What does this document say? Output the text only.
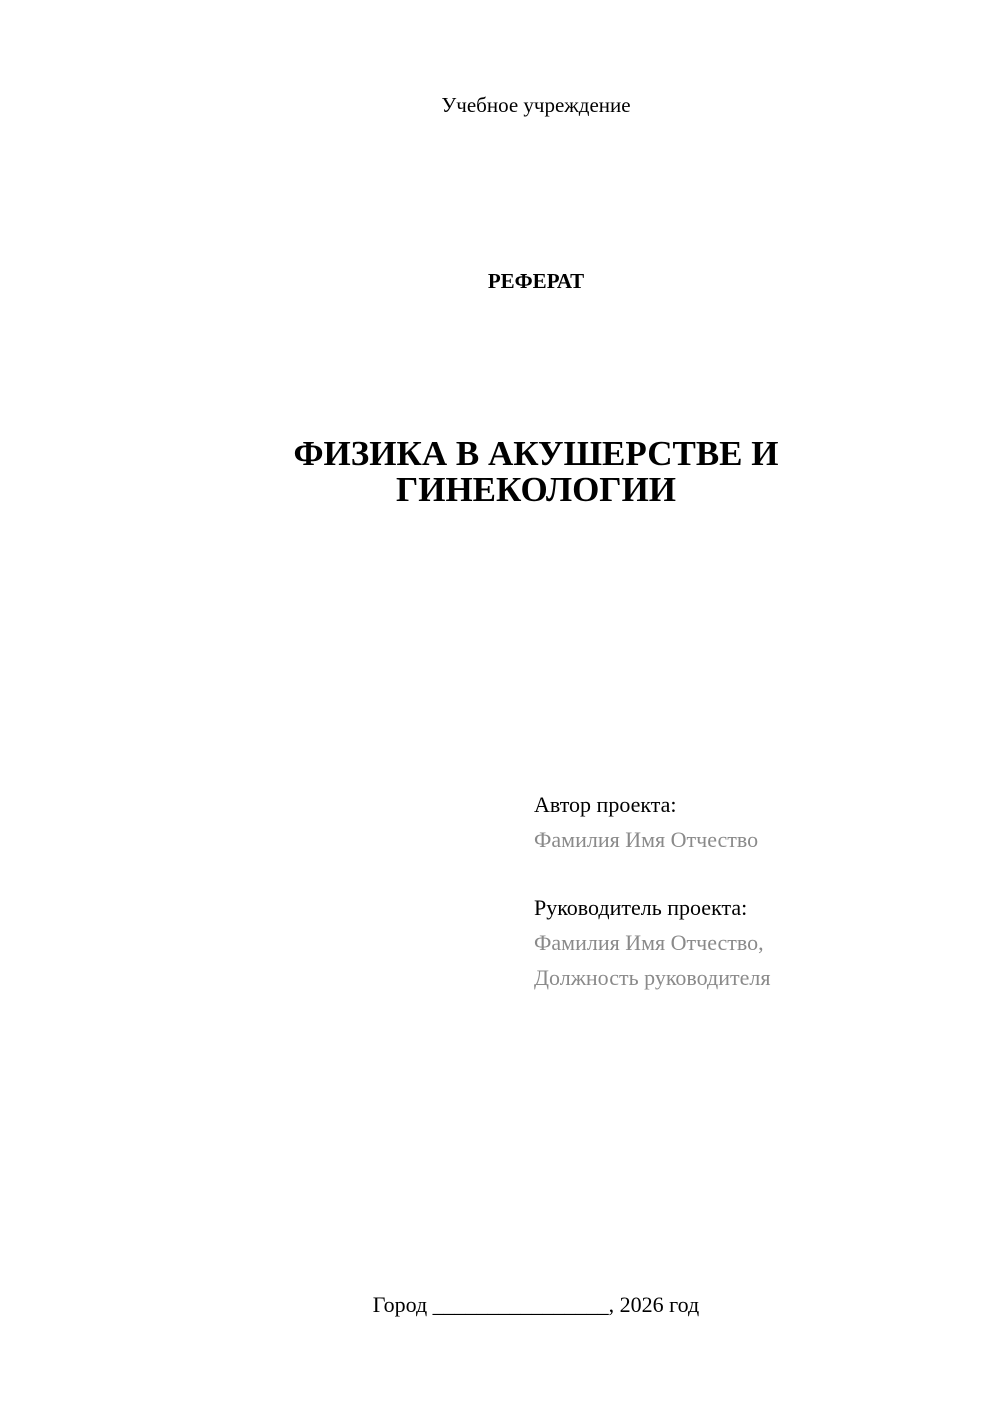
Учебное учреждение
РЕФЕРАТ
ФИЗИКА В АКУШЕРСТВЕ И
ГИНЕКОЛОГИИ
Автор проекта:
Фамилия Имя Отчество
Руководитель проекта:
Фамилия Имя Отчество,
Должность руководителя
Город ________________, 2026 год
